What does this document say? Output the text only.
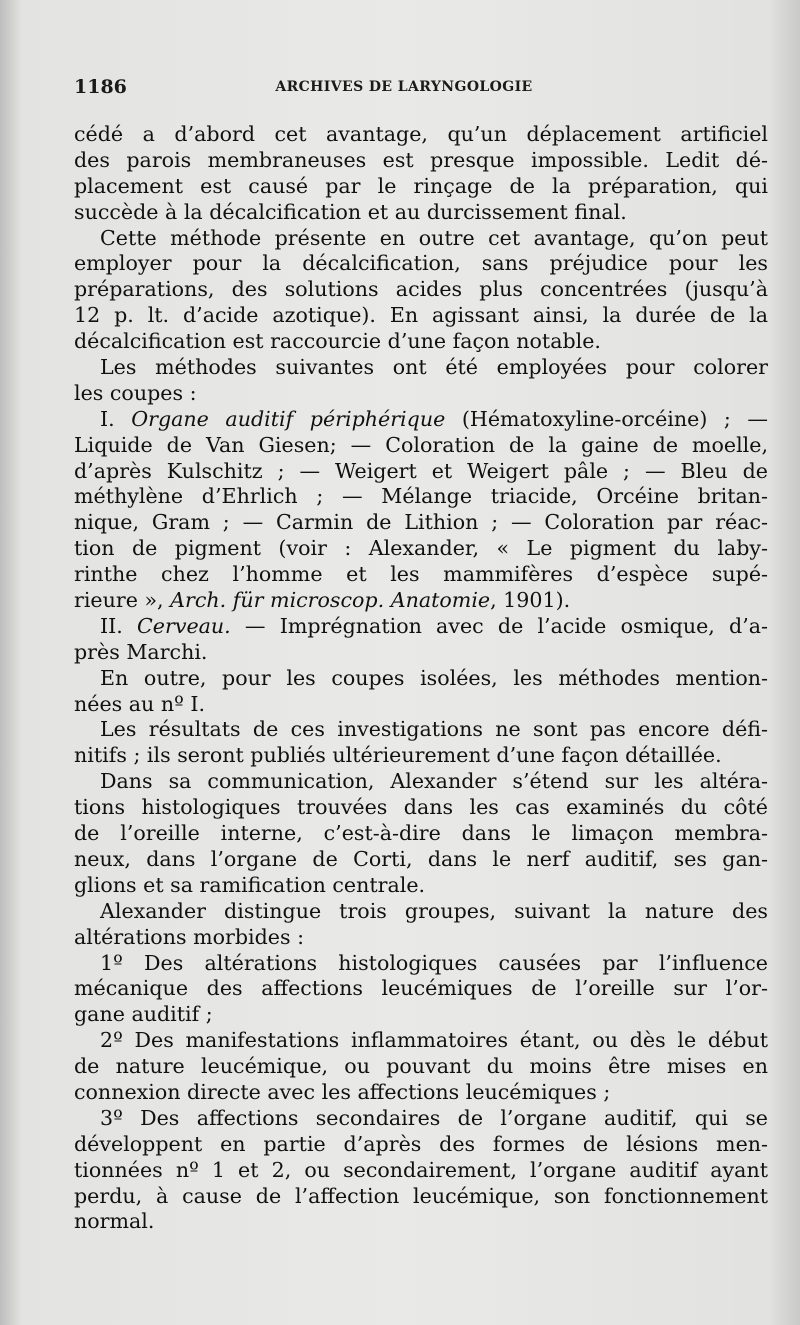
1186	ARCHIVES DE LARYNGOLOGIE
cédé a d’abord cet avantage, qu’un déplacement artificiel
des parois membraneuses est presque impossible. Ledit dé-
placement est causé par le rinçage de la préparation, qui
succède à la décalcification et au durcissement final.
Cette méthode présente en outre cet avantage, qu’on peut
employer pour la décalcification, sans préjudice pour les
préparations, des solutions acides plus concentrées (jusqu’à
12 p. lt. d’acide azotique). En agissant ainsi, la durée de la
décalcification est raccourcie d’une façon notable.
Les méthodes suivantes ont été employées pour colorer
les coupes :
I. Organe auditif périphérique (Hématoxyline-orcéine) ; —
Liquide de Van Giesen; — Coloration de la gaine de moelle,
d’après Kulschitz ; — Weigert et Weigert pâle ; — Bleu de
méthylène d’Ehrlich ; — Mélange triacide, Orcéine britan-
nique, Gram ; — Carmin de Lithion ; — Coloration par réac-
tion de pigment (voir : Alexander, « Le pigment du laby-
rinthe chez l’homme et les mammifères d’espèce supé-
rieure », Arch. für microscop. Anatomie, 1901).
II. Cerveau. — Imprégnation avec de l’acide osmique, d’a-
près Marchi.
En outre, pour les coupes isolées, les méthodes mention-
nées au nº I.
Les résultats de ces investigations ne sont pas encore défi-
nitifs ; ils seront publiés ultérieurement d’une façon détaillée.
Dans sa communication, Alexander s’étend sur les altéra-
tions histologiques trouvées dans les cas examinés du côté
de l’oreille interne, c’est-à-dire dans le limaçon membra-
neux, dans l’organe de Corti, dans le nerf auditif, ses gan-
glions et sa ramification centrale.
Alexander distingue trois groupes, suivant la nature des
altérations morbides :
1º Des altérations histologiques causées par l’influence
mécanique des affections leucémiques de l’oreille sur l’or-
gane auditif ;
2º Des manifestations inflammatoires étant, ou dès le début
de nature leucémique, ou pouvant du moins être mises en
connexion directe avec les affections leucémiques ;
3º Des affections secondaires de l’organe auditif, qui se
développent en partie d’après des formes de lésions men-
tionnées nº 1 et 2, ou secondairement, l’organe auditif ayant
perdu, à cause de l’affection leucémique, son fonctionnement
normal.
